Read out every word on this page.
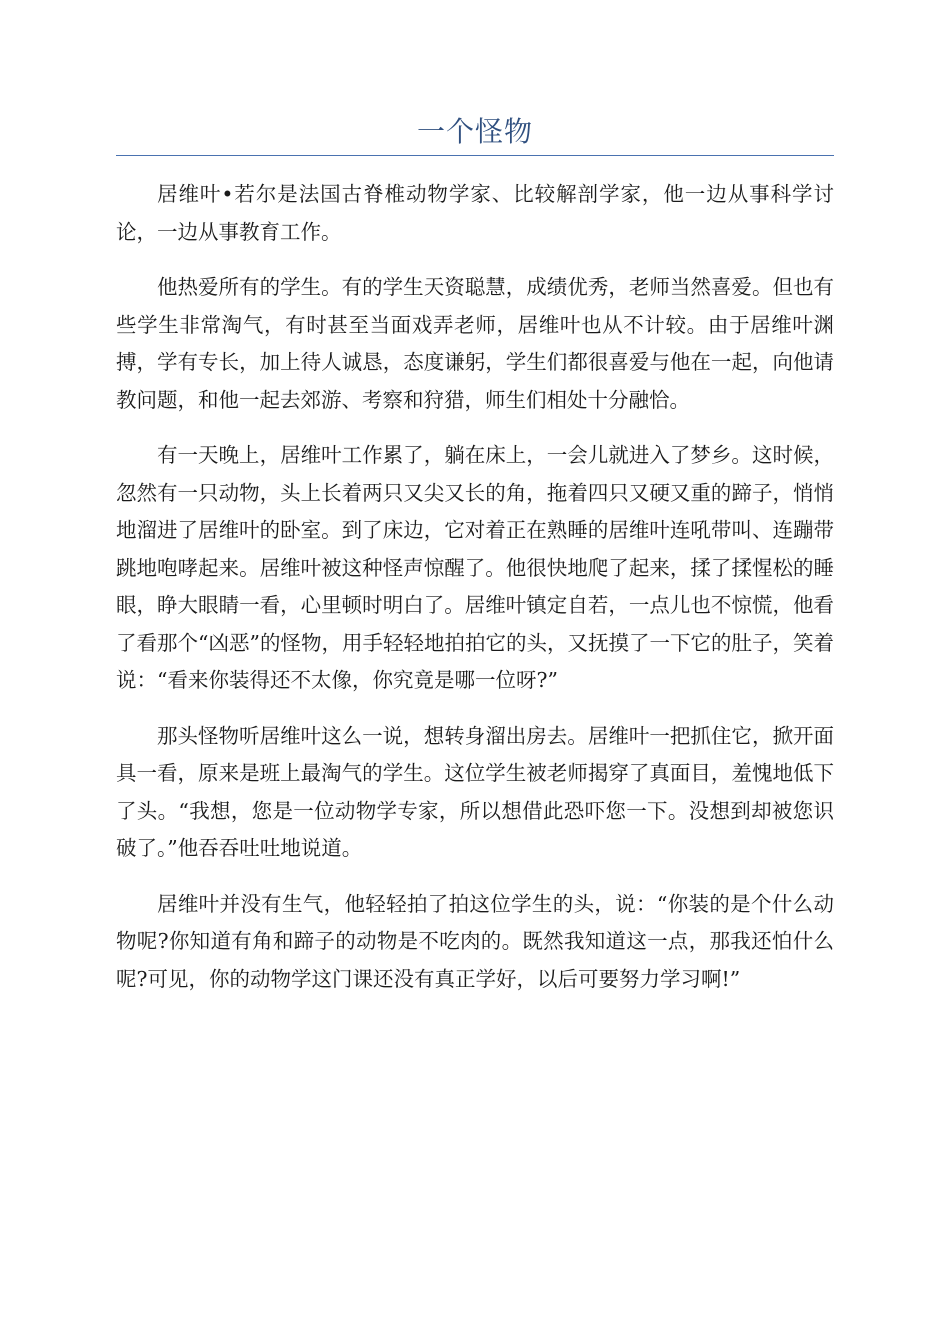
一个怪物

居维叶•若尔是法国古脊椎动物学家、比较解剖学家，他一边从事科学讨论，一边从事教育工作。

他热爱所有的学生。有的学生天资聪慧，成绩优秀，老师当然喜爱。但也有些学生非常淘气，有时甚至当面戏弄老师，居维叶也从不计较。由于居维叶渊搏，学有专长，加上待人诚恳，态度谦躬，学生们都很喜爱与他在一起，向他请教问题，和他一起去郊游、考察和狩猎，师生们相处十分融恰。

有一天晚上，居维叶工作累了，躺在床上，一会儿就进入了梦乡。这时候，忽然有一只动物，头上长着两只又尖又长的角，拖着四只又硬又重的蹄子，悄悄地溜进了居维叶的卧室。到了床边，它对着正在熟睡的居维叶连吼带叫、连蹦带跳地咆哮起来。居维叶被这种怪声惊醒了。他很快地爬了起来，揉了揉惺松的睡眼，睁大眼睛一看，心里顿时明白了。居维叶镇定自若，一点儿也不惊慌，他看了看那个“凶恶”的怪物，用手轻轻地拍拍它的头，又抚摸了一下它的肚子，笑着说：“看来你装得还不太像，你究竟是哪一位呀?”

那头怪物听居维叶这么一说，想转身溜出房去。居维叶一把抓住它，掀开面具一看，原来是班上最淘气的学生。这位学生被老师揭穿了真面目，羞愧地低下了头。“我想，您是一位动物学专家，所以想借此恐吓您一下。没想到却被您识破了。”他吞吞吐吐地说道。

居维叶并没有生气，他轻轻拍了拍这位学生的头，说：“你装的是个什么动物呢?你知道有角和蹄子的动物是不吃肉的。既然我知道这一点，那我还怕什么呢?可见，你的动物学这门课还没有真正学好，以后可要努力学习啊!”
